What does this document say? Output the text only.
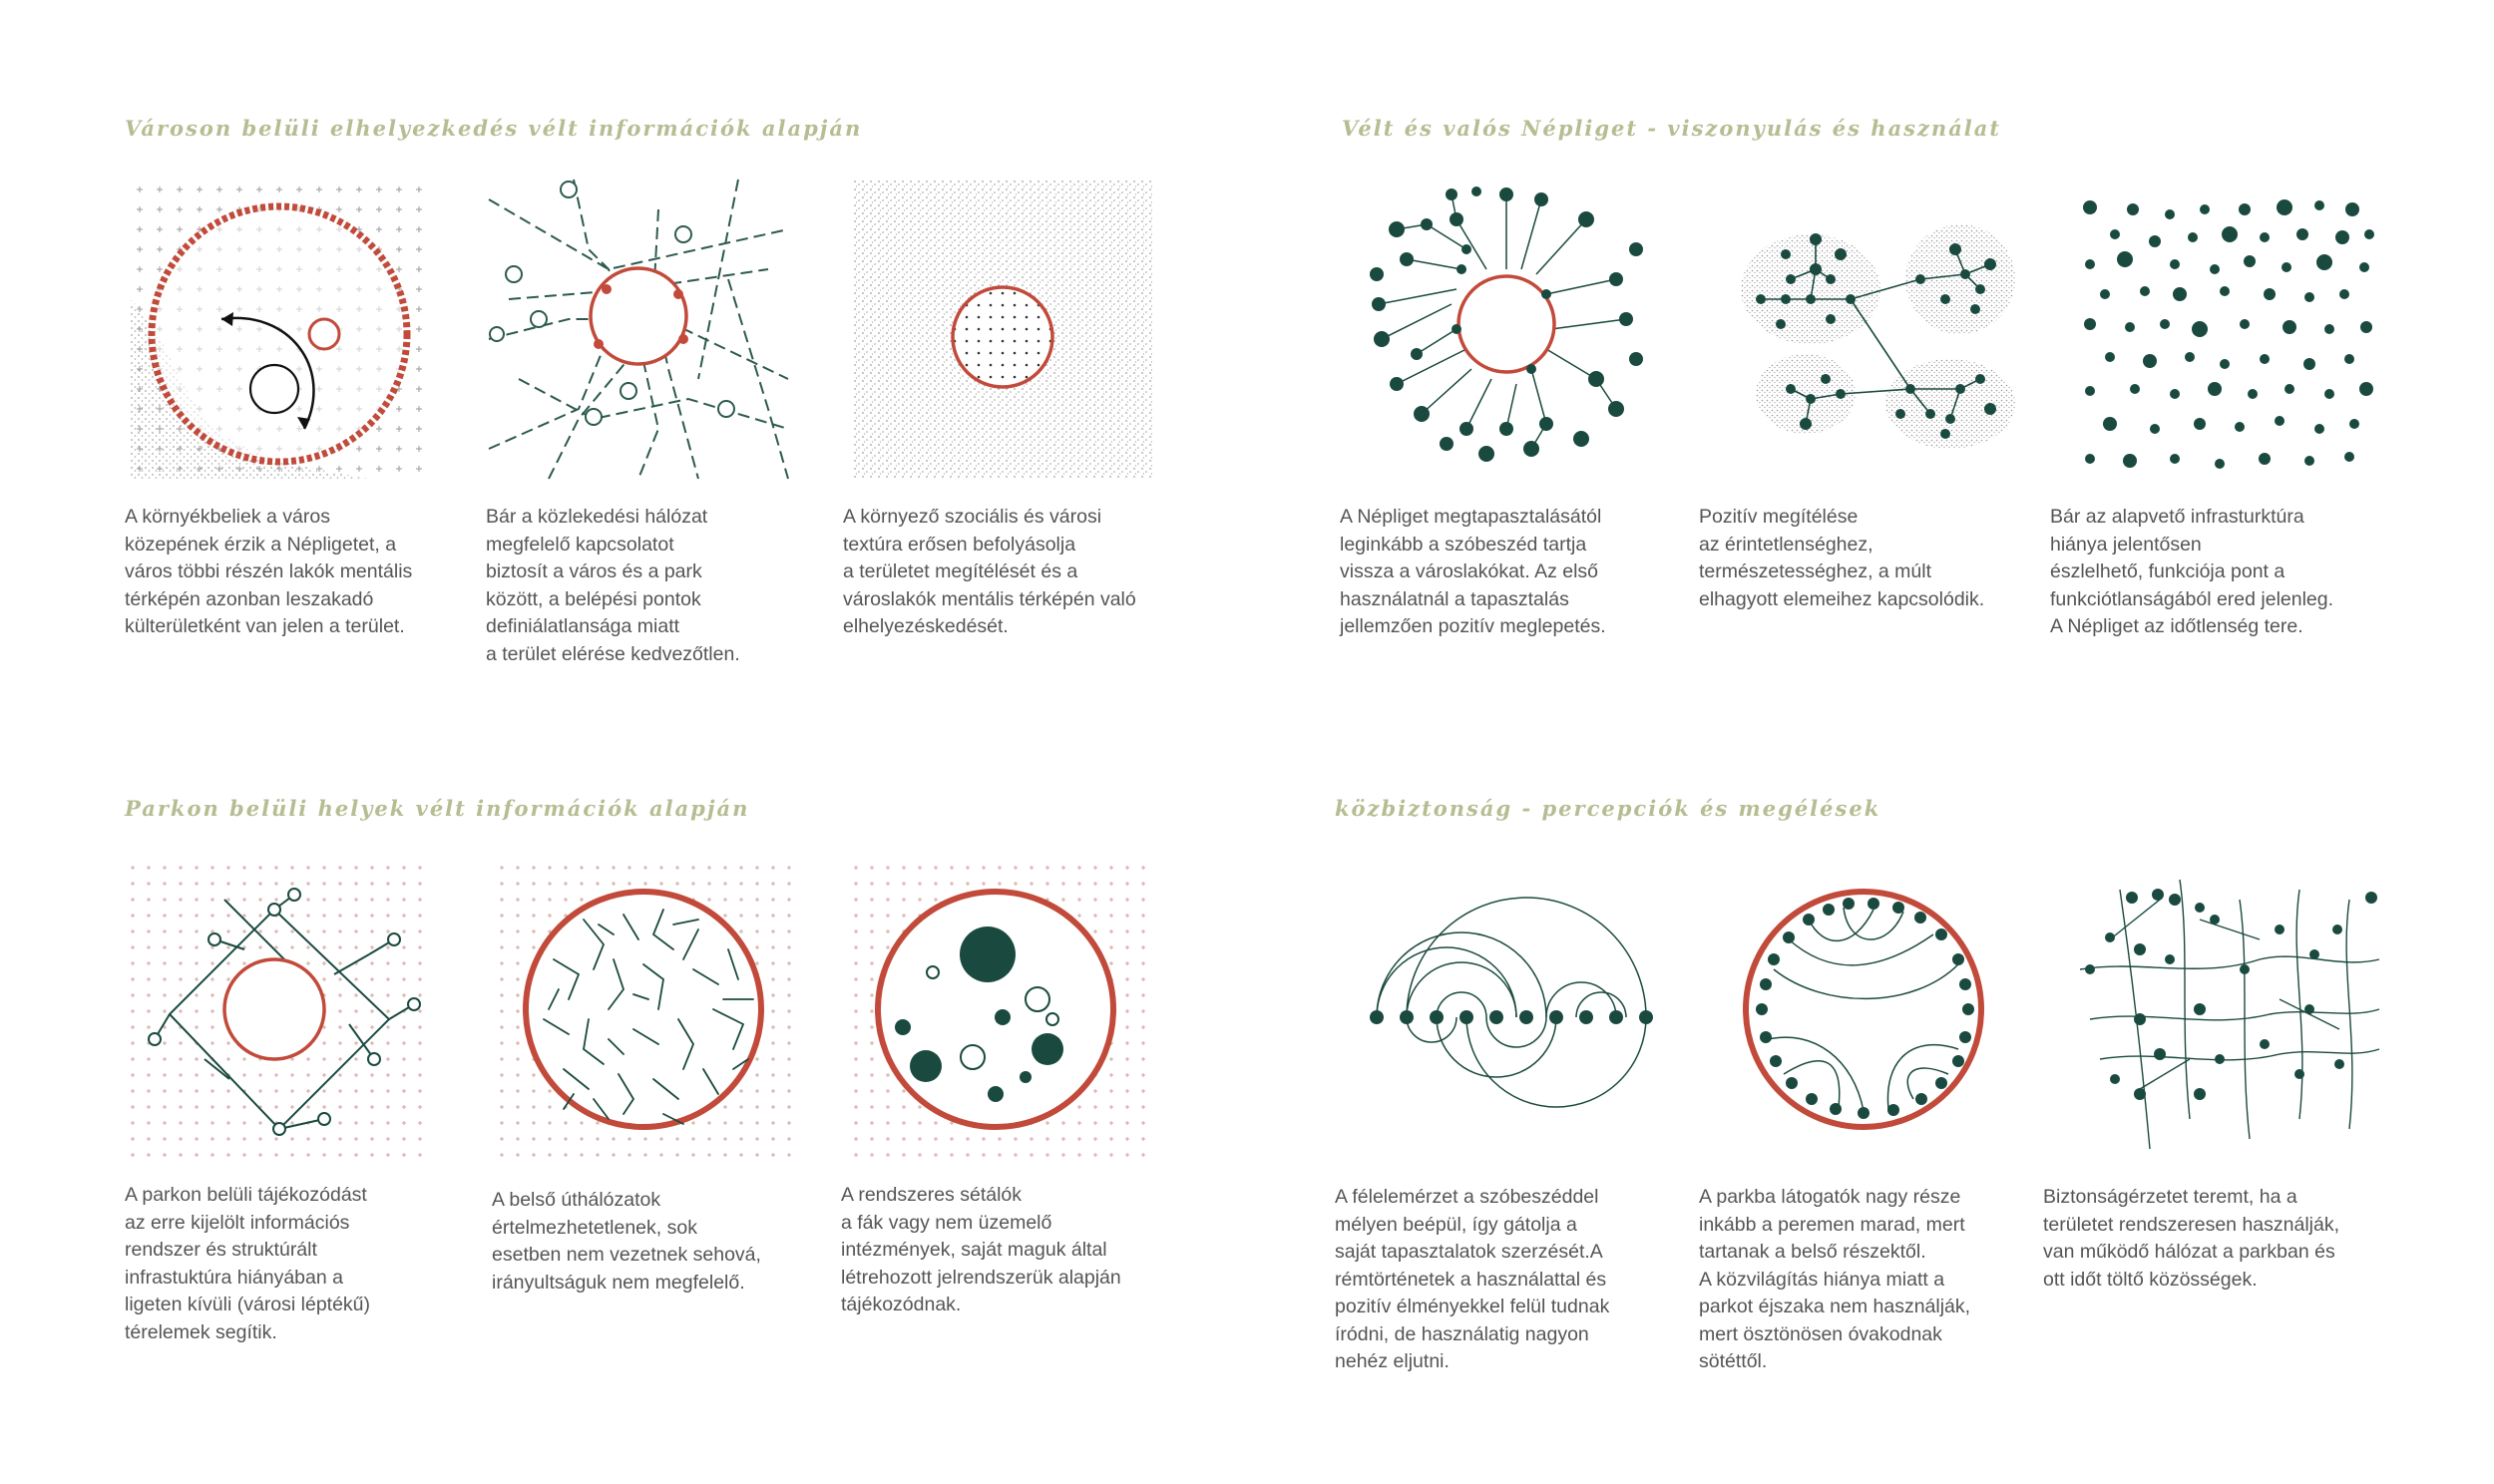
Városon belüli elhelyezkedés vélt információk alapján	Vélt és valós Népliget - viszonyulás és használat
Parkon belüli helyek vélt információk alapján	közbiztonság - percepciók és megélések
A környékbeliek a város
közepének érzik a Népligetet, a
város többi részén lakók mentális
térképén azonban leszakadó
külterületként van jelen a terület.
Bár a közlekedési hálózat
megfelelő kapcsolatot
biztosít a város és a park
között, a belépési pontok
definiálatlansága miatt
a terület elérése kedvezőtlen.
A környező szociális és városi
textúra erősen befolyásolja
a területet megítélését és a
városlakók mentális térképén való
elhelyezéskedését.
A Népliget megtapasztalásától
leginkább a szóbeszéd tartja
vissza a városlakókat. Az első
használatnál a tapasztalás
jellemzően pozitív meglepetés.
Pozitív megítélése
az érintetlenséghez,
természetességhez, a múlt
elhagyott elemeihez kapcsolódik.
Bár az alapvető infrasturktúra
hiánya jelentősen
észlelhető, funkciója pont a
funkciótlanságából ered jelenleg.
A Népliget az időtlenség tere.
A parkon belüli tájékozódást
az erre kijelölt információs
rendszer és struktúrált
infrastuktúra hiányában a
ligeten kívüli (városi léptékű)
térelemek segítik.
A belső úthálózatok
értelmezhetetlenek, sok
esetben nem vezetnek sehová,
irányultságuk nem megfelelő.
A rendszeres sétálók
a fák vagy nem üzemelő
intézmények, saját maguk által
létrehozott jelrendszerük alapján
tájékozódnak.
A félelemérzet a szóbeszéddel
mélyen beépül, így gátolja a
saját tapasztalatok szerzését.A
rémtörténetek a használattal és
pozitív élményekkel felül tudnak
íródni, de használatig nagyon
nehéz eljutni.
A parkba látogatók nagy része
inkább a peremen marad, mert
tartanak a belső részektől.
A közvilágítás hiánya miatt a
parkot éjszaka nem használják,
mert ösztönösen óvakodnak
sötéttől.
Biztonságérzetet teremt, ha a
területet rendszeresen használják,
van működő hálózat a parkban és
ott időt töltő közösségek.
